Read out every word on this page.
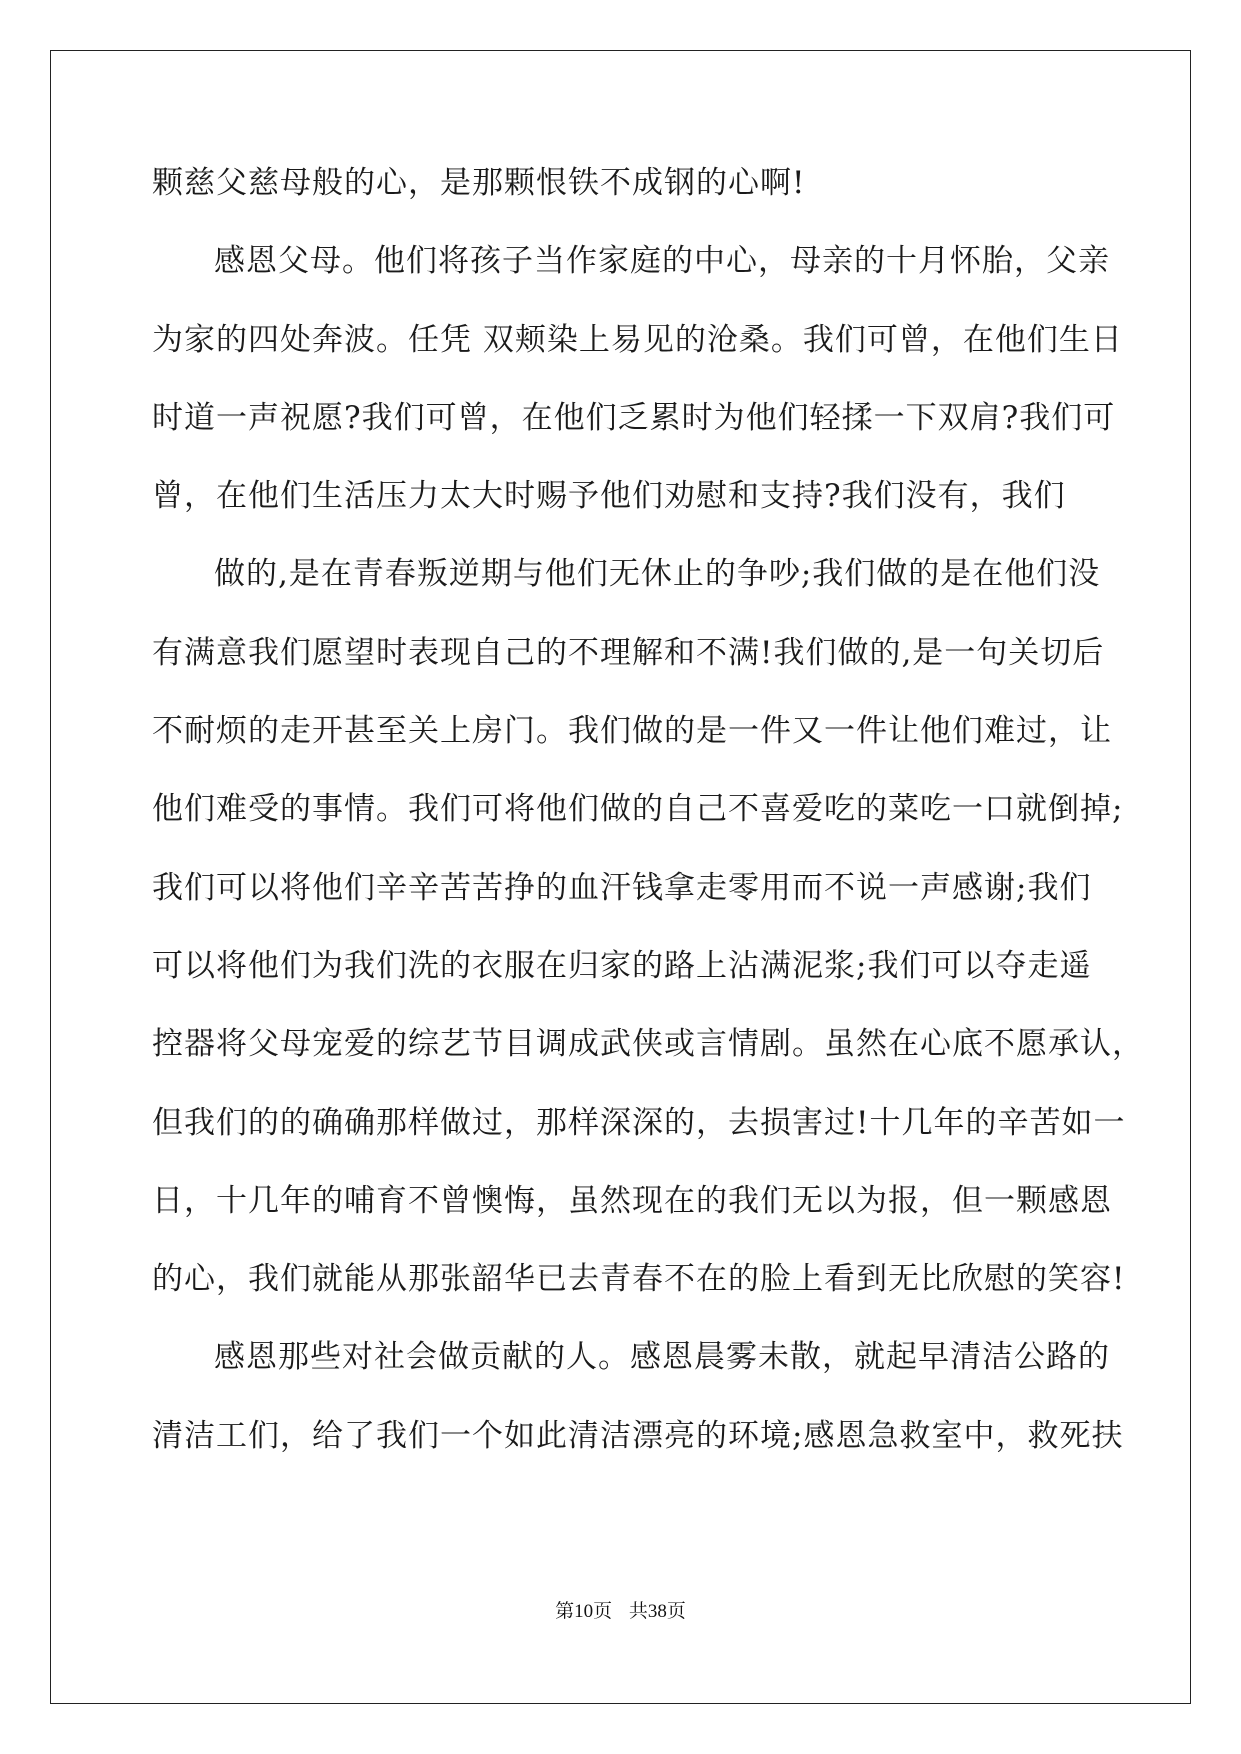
颗慈父慈母般的心，是那颗恨铁不成钢的心啊!
感恩父母。他们将孩子当作家庭的中心，母亲的十月怀胎，父亲
为家的四处奔波。任凭 双颊染上易见的沧桑。我们可曾，在他们生日
时道一声祝愿?我们可曾，在他们乏累时为他们轻揉一下双肩?我们可
曾，在他们生活压力太大时赐予他们劝慰和支持?我们没有，我们
做的,是在青春叛逆期与他们无休止的争吵;我们做的是在他们没
有满意我们愿望时表现自己的不理解和不满!我们做的,是一句关切后
不耐烦的走开甚至关上房门。我们做的是一件又一件让他们难过，让
他们难受的事情。我们可将他们做的自己不喜爱吃的菜吃一口就倒掉;
我们可以将他们辛辛苦苦挣的血汗钱拿走零用而不说一声感谢;我们
可以将他们为我们洗的衣服在归家的路上沾满泥浆;我们可以夺走遥
控器将父母宠爱的综艺节目调成武侠或言情剧。虽然在心底不愿承认，
但我们的的确确那样做过，那样深深的，去损害过!十几年的辛苦如一
日，十几年的哺育不曾懊悔，虽然现在的我们无以为报，但一颗感恩
的心，我们就能从那张韶华已去青春不在的脸上看到无比欣慰的笑容!
感恩那些对社会做贡献的人。感恩晨雾未散，就起早清洁公路的
清洁工们，给了我们一个如此清洁漂亮的环境;感恩急救室中，救死扶
第10页 共38页
